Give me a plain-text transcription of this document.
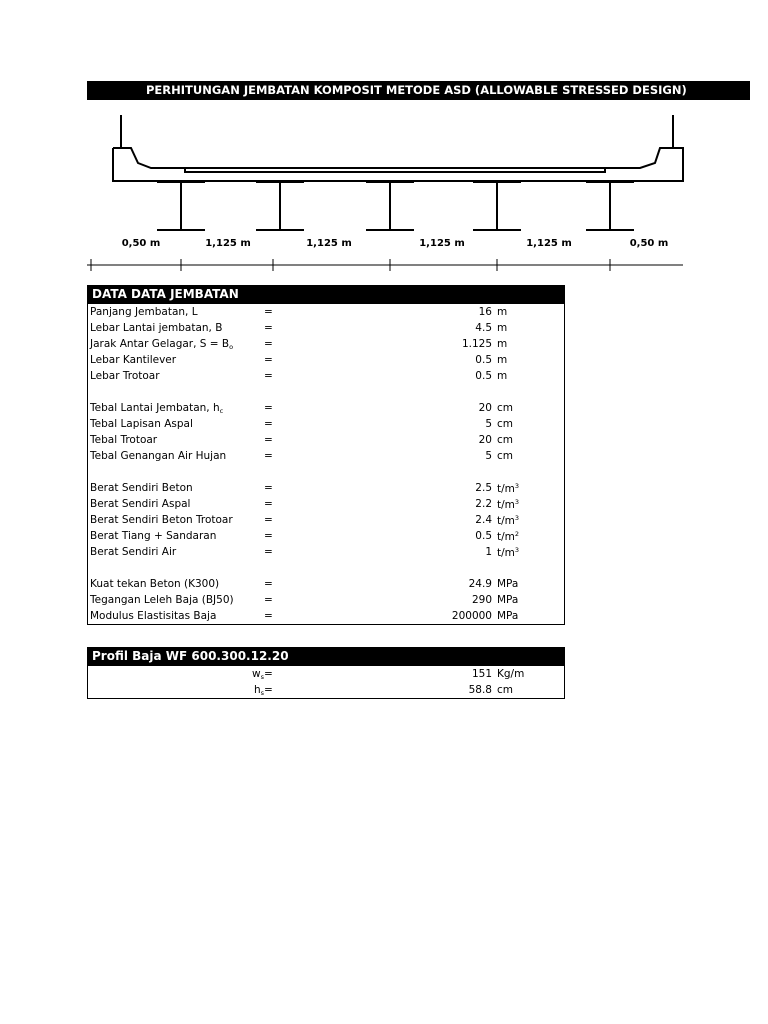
PERHITUNGAN JEMBATAN KOMPOSIT METODE ASD (ALLOWABLE STRESSED DESIGN)
0,50 m	1,125 m	1,125 m	1,125 m	1,125 m	0,50 m
DATA DATA JEMBATAN
Panjang Jembatan, L	=	16 m
Lebar Lantai jembatan, B	=	4.5 m
Jarak Antar Gelagar, $S = B_o$	=	1.125 m
Lebar Kantilever	=	0.5 m
Lebar Trotoar	=	0.5 m
Tebal Lantai Jembatan, $h_c$	=	20 cm
Tebal Lapisan Aspal	=	5 cm
Tebal Trotoar	=	20 cm
Tebal Genangan Air Hujan	=	5 cm
Berat Sendiri Beton	=	2.5 $t/m^3$
Berat Sendiri Aspal	=	2.2 $t/m^3$
Berat Sendiri Beton Trotoar	=	2.4 $t/m^3$
Berat Tiang + Sandaran	=	0.5 $t/m^2$
Berat Sendiri Air	=	1 $t/m^3$
Kuat tekan Beton (K300)	=	24.9 MPa
Tegangan Leleh Baja (BJ50)	=	290 MPa
Modulus Elastisitas Baja	=	200000 MPa
Profil Baja WF 600.300.12.20
$w_s$ =	151 Kg/m
$h_s$ =	58.8 cm
